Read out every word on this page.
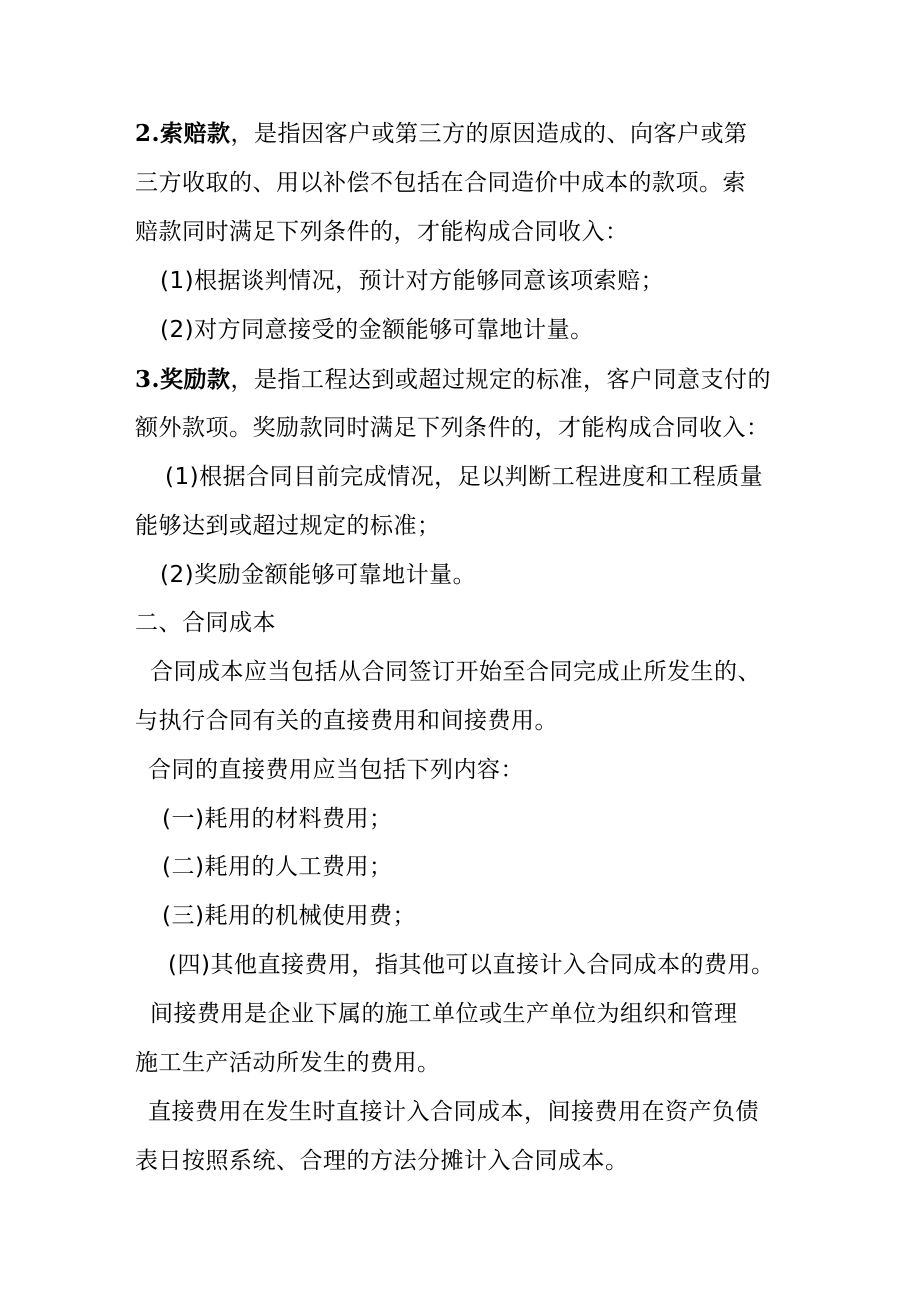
2.索赔款，是指因客户或第三方的原因造成的、向客户或第
三方收取的、用以补偿不包括在合同造价中成本的款项。索
赔款同时满足下列条件的，才能构成合同收入：
(1)根据谈判情况，预计对方能够同意该项索赔；
(2)对方同意接受的金额能够可靠地计量。
3.奖励款，是指工程达到或超过规定的标准，客户同意支付的
额外款项。奖励款同时满足下列条件的，才能构成合同收入：
(1)根据合同目前完成情况，足以判断工程进度和工程质量
能够达到或超过规定的标准；
(2)奖励金额能够可靠地计量。
二、合同成本
合同成本应当包括从合同签订开始至合同完成止所发生的、
与执行合同有关的直接费用和间接费用。
合同的直接费用应当包括下列内容：
(一)耗用的材料费用；
(二)耗用的人工费用；
(三)耗用的机械使用费；
(四)其他直接费用，指其他可以直接计入合同成本的费用。
间接费用是企业下属的施工单位或生产单位为组织和管理
施工生产活动所发生的费用。
直接费用在发生时直接计入合同成本，间接费用在资产负债
表日按照系统、合理的方法分摊计入合同成本。
